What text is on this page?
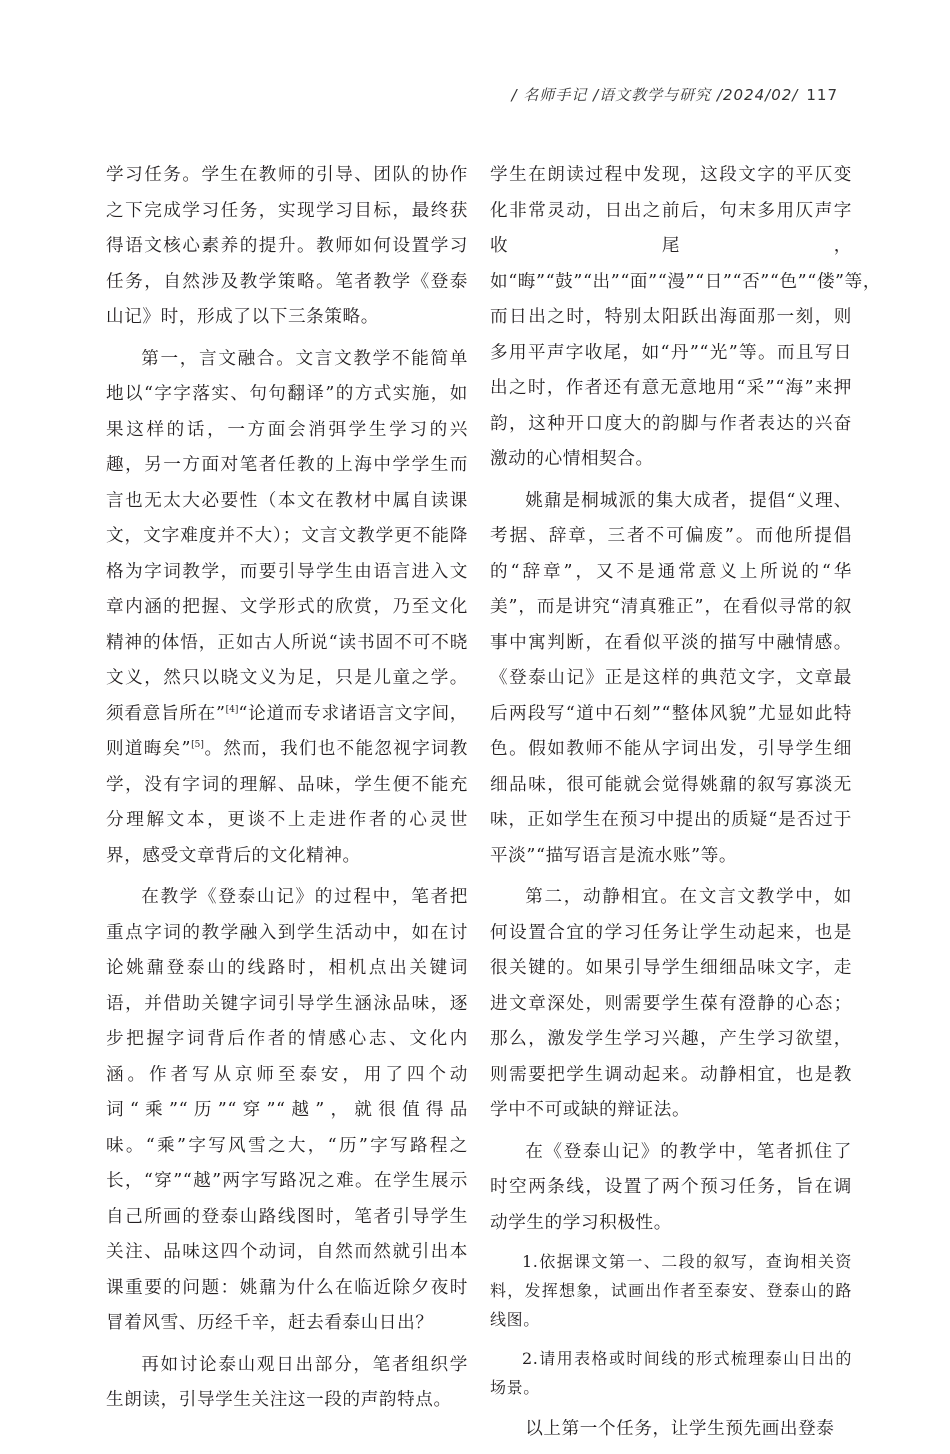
/ 名师手记 /语文教学与研究 /2024/02/ 117

学习任务。学生在教师的引导、团队的协作之下完成学习任务，实现学习目标，最终获得语文核心素养的提升。教师如何设置学习任务，自然涉及教学策略。笔者教学《登泰山记》时，形成了以下三条策略。

第一，言文融合。文言文教学不能简单地以“字字落实、句句翻译”的方式实施，如果这样的话，一方面会消弭学生学习的兴趣，另一方面对笔者任教的上海中学学生而言也无太大必要性（本文在教材中属自读课文，文字难度并不大）；文言文教学更不能降格为字词教学，而要引导学生由语言进入文章内涵的把握、文学形式的欣赏，乃至文化精神的体悟，正如古人所说“读书固不可不晓文义，然只以晓文义为足，只是儿童之学。须看意旨所在”[4]“论道而专求诸语言文字间，则道晦矣”[5]。然而，我们也不能忽视字词教学，没有字词的理解、品味，学生便不能充分理解文本，更谈不上走进作者的心灵世界，感受文章背后的文化精神。

在教学《登泰山记》的过程中，笔者把重点字词的教学融入到学生活动中，如在讨论姚鼐登泰山的线路时，相机点出关键词语，并借助关键字词引导学生涵泳品味，逐步把握字词背后作者的情感心志、文化内涵。作者写从京师至泰安，用了四个动词“乘”“历”“穿”“越”，就很值得品味。“乘”字写风雪之大，“历”字写路程之长，“穿”“越”两字写路况之难。在学生展示自己所画的登泰山路线图时，笔者引导学生关注、品味这四个动词，自然而然就引出本课重要的问题：姚鼐为什么在临近除夕夜时冒着风雪、历经千辛，赶去看泰山日出？

再如讨论泰山观日出部分，笔者组织学生朗读，引导学生关注这一段的声韵特点。

学生在朗读过程中发现，这段文字的平仄变化非常灵动，日出之前后，句末多用仄声字收尾，如“晦”“鼓”“出”“面”“漫”“日”“否”“色”“偻”等，而日出之时，特别太阳跃出海面那一刻，则多用平声字收尾，如“丹”“光”等。而且写日出之时，作者还有意无意地用“采”“海”来押韵，这种开口度大的韵脚与作者表达的兴奋激动的心情相契合。

姚鼐是桐城派的集大成者，提倡“义理、考据、辞章，三者不可偏废”。而他所提倡的“辞章”，又不是通常意义上所说的“华美”，而是讲究“清真雅正”，在看似寻常的叙事中寓判断，在看似平淡的描写中融情感。《登泰山记》正是这样的典范文字，文章最后两段写“道中石刻”“整体风貌”尤显如此特色。假如教师不能从字词出发，引导学生细细品味，很可能就会觉得姚鼐的叙写寡淡无味，正如学生在预习中提出的质疑“是否过于平淡”“描写语言是流水账”等。

第二，动静相宜。在文言文教学中，如何设置合宜的学习任务让学生动起来，也是很关键的。如果引导学生细细品味文字，走进文章深处，则需要学生葆有澄静的心态；那么，激发学生学习兴趣，产生学习欲望，则需要把学生调动起来。动静相宜，也是教学中不可或缺的辩证法。

在《登泰山记》的教学中，笔者抓住了时空两条线，设置了两个预习任务，旨在调动学生的学习积极性。

1.依据课文第一、二段的叙写，查询相关资料，发挥想象，试画出作者至泰安、登泰山的路线图。

2.请用表格或时间线的形式梳理泰山日出的场景。

以上第一个任务，让学生预先画出登泰
